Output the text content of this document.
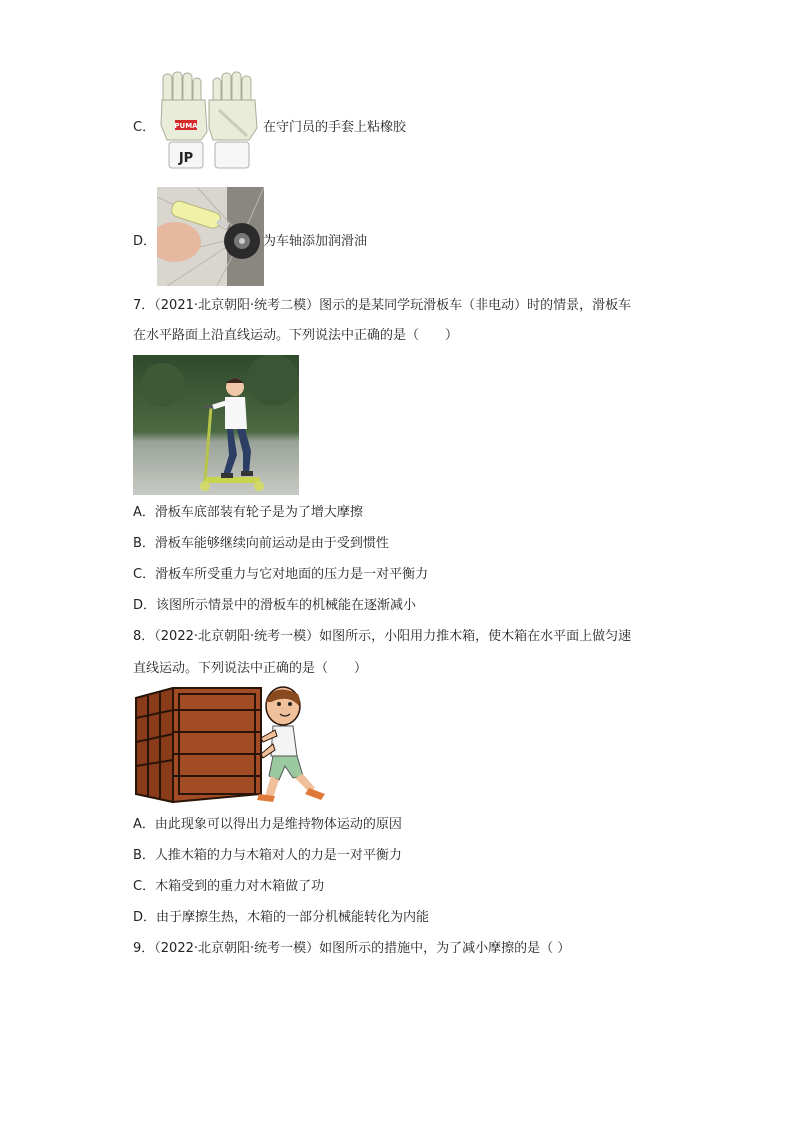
C．	PUMA
JP
在守门员的手套上粘橡胶
D．	为车轴添加润滑油
7．（2021·北京朝阳·统考二模）图示的是某同学玩滑板车（非电动）时的情景，滑板车
在水平路面上沿直线运动。下列说法中正确的是（　　）
A．滑板车底部装有轮子是为了增大摩擦
B．滑板车能够继续向前运动是由于受到惯性
C．滑板车所受重力与它对地面的压力是一对平衡力
D．该图所示情景中的滑板车的机械能在逐渐减小
8．（2022·北京朝阳·统考一模）如图所示，小阳用力推木箱，使木箱在水平面上做匀速
直线运动。下列说法中正确的是（　　）
A．由此现象可以得出力是维持物体运动的原因
B．人推木箱的力与木箱对人的力是一对平衡力
C．木箱受到的重力对木箱做了功
D．由于摩擦生热，木箱的一部分机械能转化为内能
9．（2022·北京朝阳·统考一模）如图所示的措施中，为了减小摩擦的是（ ）
